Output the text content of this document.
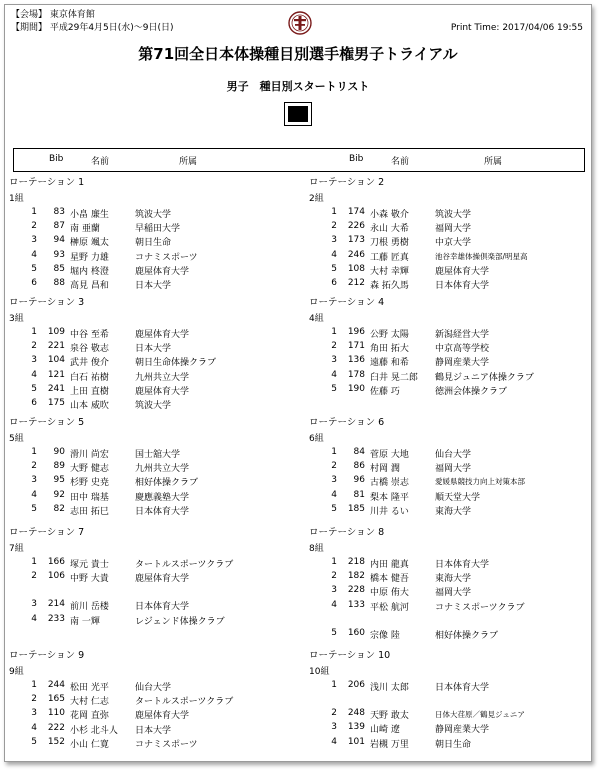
【会場】 東京体育館
【期間】 平成29年4月5日(水)～9日(日)	Print Time: 2017/04/06 19:55
第71回全日本体操種目別選手権男子トライアル
男子　種目別スタートリスト
Bib	名前	所属	Bib	名前	所属
ローテーション 1
1組
1	83 小畠 廉生	筑波大学
2	87 南 亜蘭	早稲田大学
3	94 榊原 颯太	朝日生命
4	93 星野 力雄	コナミスポーツ
5	85 堀内 柊澄	鹿屋体育大学
6	88 高見 昌和	日本大学
ローテーション 2
2組
1	174 小森 敬介	筑波大学
2	226 永山 大希	福岡大学
3	173 刀根 勇樹	中京大学
4	246 工藤 匠真	池谷幸雄体操倶楽部/明星高
5	108 大村 幸輝	鹿屋体育大学
6	212 森 拓久馬	日本体育大学
ローテーション 3
3組
1	109 中谷 至希	鹿屋体育大学
2	221 泉谷 敬志	日本大学
3	104 武井 俊介	朝日生命体操クラブ
4	121 白石 祐樹	九州共立大学
5	241 上田 直樹	鹿屋体育大学
6	175 山本 威吹	筑波大学
ローテーション 4
4組
1	196 公野 太陽	新潟経営大学
2	171 角田 拓大	中京高等学校
3	136 遠藤 和希	静岡産業大学
4	178 臼井 晃二郎 鶴見ジュニア体操クラブ
5	190 佐藤 巧	徳洲会体操クラブ
ローテーション 5
5組
1	90 滑川 尚宏	国士舘大学
2	89 大野 健志	九州共立大学
3	95 杉野 史尭	相好体操クラブ
4	92 田中 瑞基	慶應義塾大学
5	82 志田 拓巳	日本体育大学
ローテーション 6
6組
1	84 菅原 大地	仙台大学
2	86 村岡 潤	福岡大学
3	96 古橋 崇志	愛媛県競技力向上対策本部
4	81 梨本 隆平	順天堂大学
5	185 川井 るい	東海大学
ローテーション 7
7組
1	166 塚元 貴士	タートルスポーツクラブ
2	106 中野 大貴	鹿屋体育大学
3	214 前川 岳楼	日本体育大学
4	233 南 一輝	レジェンド体操クラブ
ローテーション 8
8組
1	218 内田 龍真	日本体育大学
2	182 橋本 健吾	東海大学
3	228 中原 侑大	福岡大学
4	133 平松 航河	コナミスポーツクラブ
5	160 宗像 陸	相好体操クラブ
ローテーション 9
9組
1	244 松田 光平	仙台大学
2	165 大村 仁志	タートルスポーツクラブ
3	110 花岡 直弥	鹿屋体育大学
4	222 小杉 北斗人 日本大学
5	152 小山 仁寛	コナミスポーツ
ローテーション 10
10組
1	206 浅川 太郎	日本体育大学
2	248 天野 敢太	日体大荏原／鶴見ジュニア
3	139 山崎 遼	静岡産業大学
4	101 岩槻 万里	朝日生命
